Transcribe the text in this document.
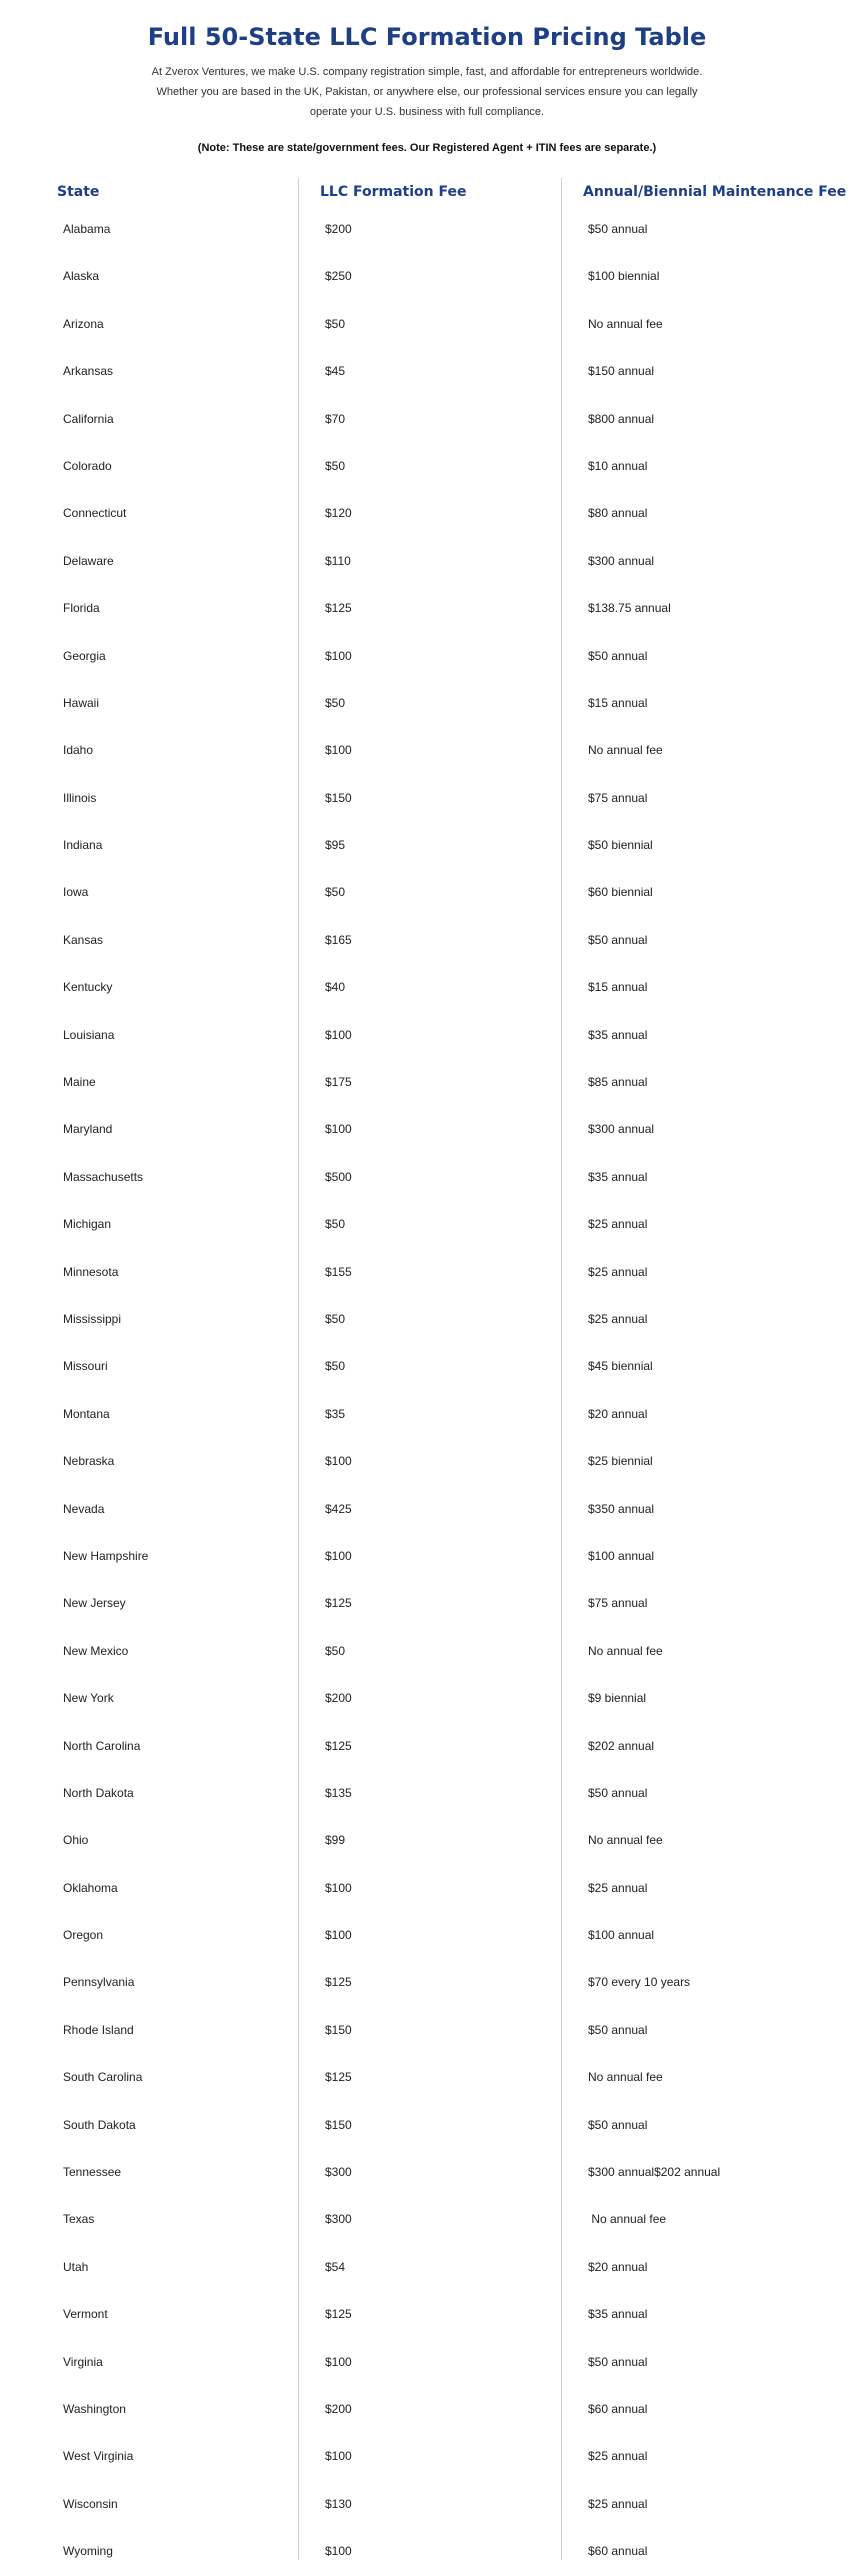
Full 50-State LLC Formation Pricing Table

At Zverox Ventures, we make U.S. company registration simple, fast, and affordable for entrepreneurs worldwide. Whether you are based in the UK, Pakistan, or anywhere else, our professional services ensure you can legally operate your U.S. business with full compliance.

(Note: These are state/government fees. Our Registered Agent + ITIN fees are separate.)

State	LLC Formation Fee	Annual/Biennial Maintenance Fee
Alabama	$200	$50 annual
Alaska	$250	$100 biennial
Arizona	$50	No annual fee
Arkansas	$45	$150 annual
California	$70	$800 annual
Colorado	$50	$10 annual
Connecticut	$120	$80 annual
Delaware	$110	$300 annual
Florida	$125	$138.75 annual
Georgia	$100	$50 annual
Hawaii	$50	$15 annual
Idaho	$100	No annual fee
Illinois	$150	$75 annual
Indiana	$95	$50 biennial
Iowa	$50	$60 biennial
Kansas	$165	$50 annual
Kentucky	$40	$15 annual
Louisiana	$100	$35 annual
Maine	$175	$85 annual
Maryland	$100	$300 annual
Massachusetts	$500	$35 annual
Michigan	$50	$25 annual
Minnesota	$155	$25 annual
Mississippi	$50	$25 annual
Missouri	$50	$45 biennial
Montana	$35	$20 annual
Nebraska	$100	$25 biennial
Nevada	$425	$350 annual
New Hampshire	$100	$100 annual
New Jersey	$125	$75 annual
New Mexico	$50	No annual fee
New York	$200	$9 biennial
North Carolina	$125	$202 annual
North Dakota	$135	$50 annual
Ohio	$99	No annual fee
Oklahoma	$100	$25 annual
Oregon	$100	$100 annual
Pennsylvania	$125	$70 every 10 years
Rhode Island	$150	$50 annual
South Carolina	$125	No annual fee
South Dakota	$150	$50 annual
Tennessee	$300	$300 annual$202 annual
Texas	$300	No annual fee
Utah	$54	$20 annual
Vermont	$125	$35 annual
Virginia	$100	$50 annual
Washington	$200	$60 annual
West Virginia	$100	$25 annual
Wisconsin	$130	$25 annual
Wyoming	$100	$60 annual
